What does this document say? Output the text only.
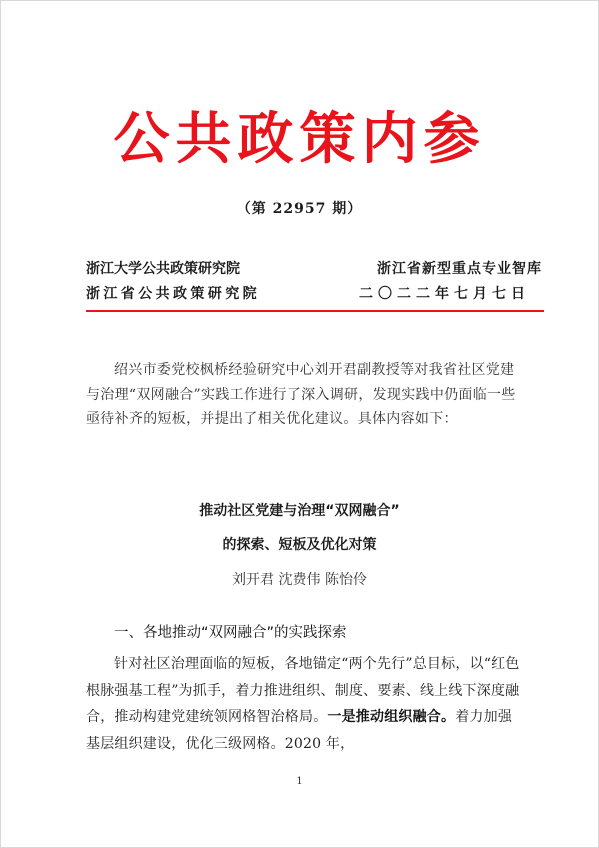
公共政策内参
（第 22957 期）
浙江大学公共政策研究院	浙江省新型重点专业智库
浙江省公共政策研究院	二〇二二年七月七日

绍兴市委党校枫桥经验研究中心刘开君副教授等对我省社区党建与治理“双网融合”实践工作进行了深入调研，发现实践中仍面临一些亟待补齐的短板，并提出了相关优化建议。具体内容如下：

推动社区党建与治理“双网融合”
的探索、短板及优化对策
刘开君 沈费伟 陈怡伶
一、各地推动“双网融合”的实践探索

针对社区治理面临的短板，各地锚定“两个先行”总目标，以“红色根脉强基工程”为抓手，着力推进组织、制度、要素、线上线下深度融合，推动构建党建统领网格智治格局。一是推动组织融合。着力加强基层组织建设，优化三级网格。2020 年，

1
